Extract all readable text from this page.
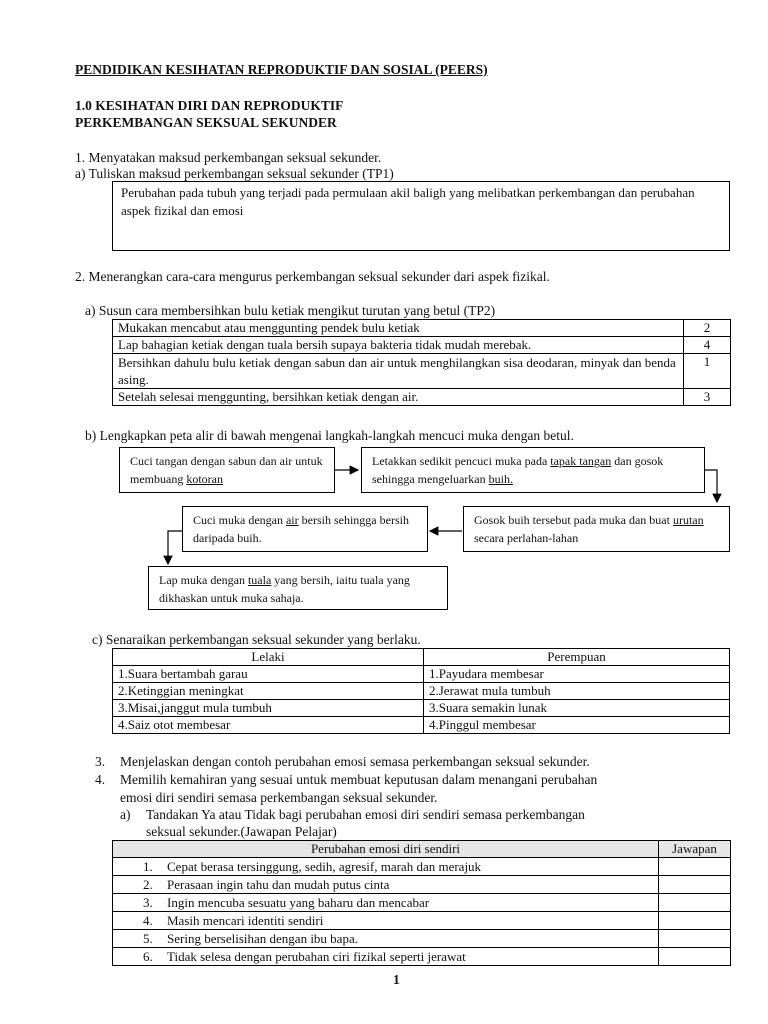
PENDIDIKAN KESIHATAN REPRODUKTIF DAN SOSIAL (PEERS)
1.0 KESIHATAN DIRI DAN REPRODUKTIF
PERKEMBANGAN SEKSUAL SEKUNDER
1. Menyatakan maksud perkembangan seksual sekunder.
a) Tuliskan maksud perkembangan seksual sekunder (TP1)
Perubahan pada tubuh yang terjadi pada permulaan akil baligh yang melibatkan perkembangan dan perubahan aspek fizikal dan emosi
2. Menerangkan cara-cara mengurus perkembangan seksual sekunder dari aspek fizikal.
a) Susun cara membersihkan bulu ketiak mengikut turutan yang betul (TP2)
Mukakan mencabut atau menggunting pendek bulu ketiak	2
Lap bahagian ketiak dengan tuala bersih supaya bakteria tidak mudah merebak.	4
Bersihkan dahulu bulu ketiak dengan sabun dan air untuk menghilangkan sisa deodaran, minyak dan benda asing.	1
Setelah selesai menggunting, bersihkan ketiak dengan air.	3
b) Lengkapkan peta alir di bawah mengenai langkah-langkah mencuci muka dengan betul.
Cuci tangan dengan sabun dan air untuk membuang kotoran
Letakkan sedikit pencuci muka pada tapak tangan dan gosok sehingga mengeluarkan buih.
Gosok buih tersebut pada muka dan buat urutan secara perlahan-lahan
Cuci muka dengan air bersih sehingga bersih daripada buih.
Lap muka dengan tuala yang bersih, iaitu tuala yang dikhaskan untuk muka sahaja.
c) Senaraikan perkembangan seksual sekunder yang berlaku.
Lelaki	Perempuan
1.Suara bertambah garau	1.Payudara membesar
2.Ketinggian meningkat	2.Jerawat mula tumbuh
3.Misai,janggut mula tumbuh	3.Suara semakin lunak
4.Saiz otot membesar	4.Pinggul membesar
3. Menjelaskan dengan contoh perubahan emosi semasa perkembangan seksual sekunder.
4. Memilih kemahiran yang sesuai untuk membuat keputusan dalam menangani perubahan
emosi diri sendiri semasa perkembangan seksual sekunder.
a) Tandakan Ya atau Tidak bagi perubahan emosi diri sendiri semasa perkembangan
seksual sekunder.(Jawapan Pelajar)
Perubahan emosi diri sendiri	Jawapan
1. Cepat berasa tersinggung, sedih, agresif, marah dan merajuk	
2. Perasaan ingin tahu dan mudah putus cinta	
3. Ingin mencuba sesuatu yang baharu dan mencabar	
4. Masih mencari identiti sendiri	
5. Sering berselisihan dengan ibu bapa.	
6. Tidak selesa dengan perubahan ciri fizikal seperti jerawat	
1
